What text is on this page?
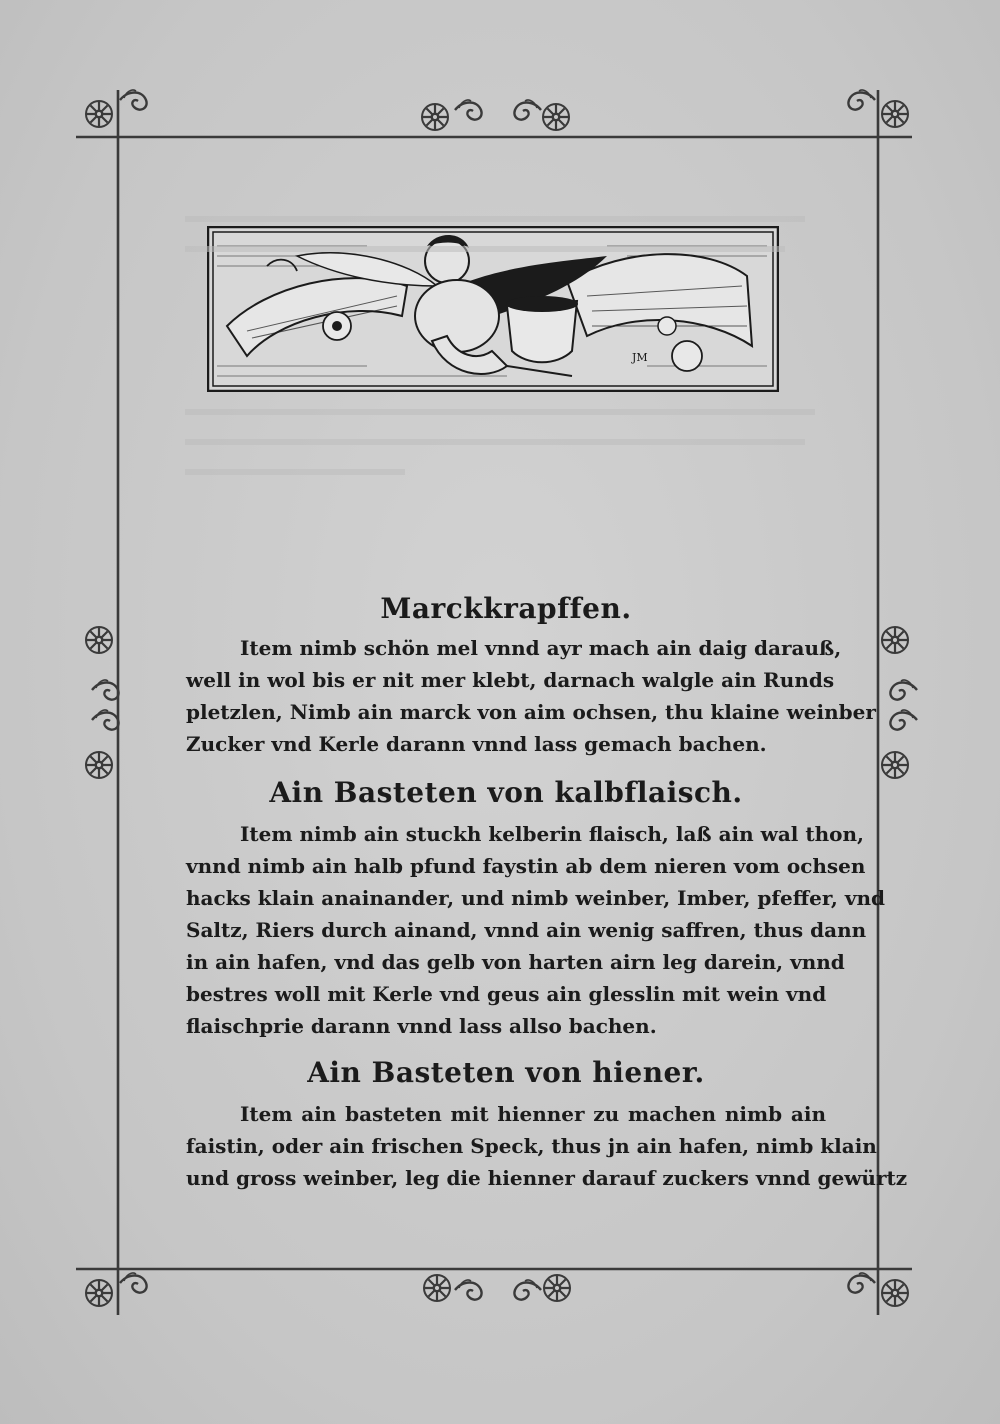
JM
Marckkrapffen.

Item nimb schön mel vnnd ayr mach ain daig darauß,
well in wol bis er nit mer klebt, darnach walgle ain Runds
pletzlen, Nimb ain marck von aim ochsen, thu klaine weinber
Zucker vnd Kerle darann vnnd lass gemach bachen.

Ain Basteten von kalbflaisch.

Item nimb ain stuckh kelberin flaisch, laß ain wal thon,
vnnd nimb ain halb pfund faystin ab dem nieren vom ochsen
hacks klain anainander, und nimb weinber, Imber, pfeffer, vnd
Saltz, Riers durch ainand, vnnd ain wenig saffren, thus dann
in ain hafen, vnd das gelb von harten airn leg darein, vnnd
bestres woll mit Kerle vnd geus ain glesslin mit wein vnd
flaischprie darann vnnd lass allso bachen.

Ain Basteten von hiener.

Item ain basteten mit hienner zu machen nimb ain
faistin, oder ain frischen Speck, thus jn ain hafen, nimb klain
und gross weinber, leg die hienner darauf zuckers vnnd gewürtz
